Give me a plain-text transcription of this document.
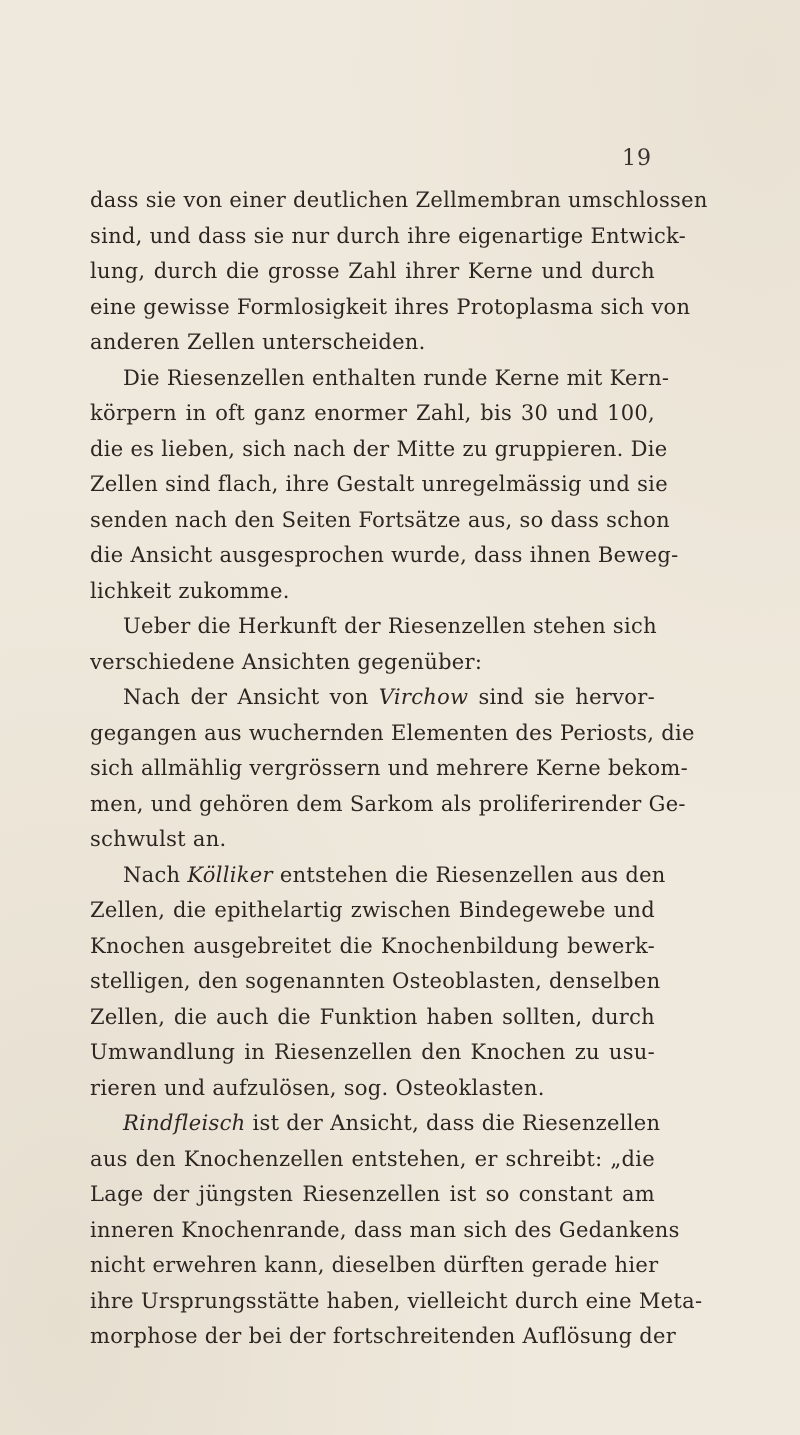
19
dass sie von einer deutlichen Zellmembran umschlossen
sind, und dass sie nur durch ihre eigenartige Entwick-
lung, durch die grosse Zahl ihrer Kerne und durch
eine gewisse Formlosigkeit ihres Protoplasma sich von
anderen Zellen unterscheiden.
Die Riesenzellen enthalten runde Kerne mit Kern-
körpern in oft ganz enormer Zahl, bis 30 und 100,
die es lieben, sich nach der Mitte zu gruppieren. Die
Zellen sind flach, ihre Gestalt unregelmässig und sie
senden nach den Seiten Fortsätze aus, so dass schon
die Ansicht ausgesprochen wurde, dass ihnen Beweg-
lichkeit zukomme.
Ueber die Herkunft der Riesenzellen stehen sich
verschiedene Ansichten gegenüber:
Nach der Ansicht von Virchow sind sie hervor-
gegangen aus wuchernden Elementen des Periosts, die
sich allmählig vergrössern und mehrere Kerne bekom-
men, und gehören dem Sarkom als proliferirender Ge-
schwulst an.
Nach Kölliker entstehen die Riesenzellen aus den
Zellen, die epithelartig zwischen Bindegewebe und
Knochen ausgebreitet die Knochenbildung bewerk-
stelligen, den sogenannten Osteoblasten, denselben
Zellen, die auch die Funktion haben sollten, durch
Umwandlung in Riesenzellen den Knochen zu usu-
rieren und aufzulösen, sog. Osteoklasten.
Rindfleisch ist der Ansicht, dass die Riesenzellen
aus den Knochenzellen entstehen, er schreibt: „die
Lage der jüngsten Riesenzellen ist so constant am
inneren Knochenrande, dass man sich des Gedankens
nicht erwehren kann, dieselben dürften gerade hier
ihre Ursprungsstätte haben, vielleicht durch eine Meta-
morphose der bei der fortschreitenden Auflösung der
